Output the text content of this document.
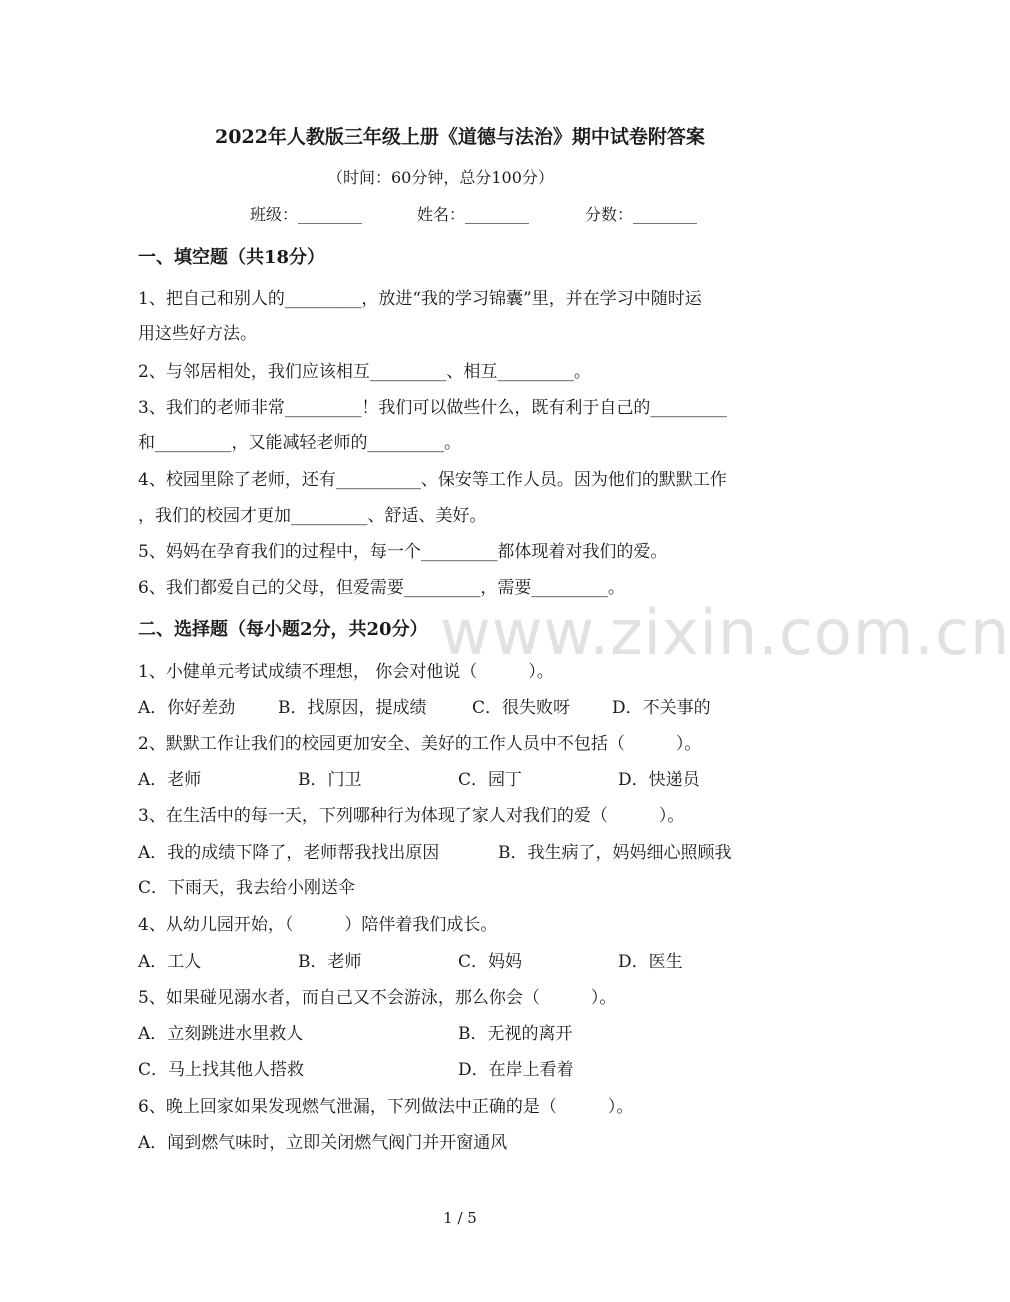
www.zixin.com.cn
2022年人教版三年级上册《道德与法治》期中试卷附答案
（时间：60分钟，总分100分）
班级：________	姓名：________	分数：________
一、填空题（共18分）
1、把自己和别人的_________，放进“我的学习锦囊”里，并在学习中随时运
用这些好方法。
2、与邻居相处，我们应该相互_________、相互_________。
3、我们的老师非常_________！我们可以做些什么，既有利于自己的_________
和_________，又能减轻老师的_________。
4、校园里除了老师，还有__________、保安等工作人员。因为他们的默默工作
，我们的校园才更加_________、舒适、美好。
5、妈妈在孕育我们的过程中，每一个_________都体现着对我们的爱。
6、我们都爱自己的父母，但爱需要_________，需要_________。
二、选择题（每小题2分，共20分）
1、小健单元考试成绩不理想， 你会对他说（　　　）。
A．你好差劲	B．找原因，提成绩	C．很失败呀 D．不关事的
2、默默工作让我们的校园更加安全、美好的工作人员中不包括（　　　）。
A．老师	B．门卫	C．园丁	D．快递员
3、在生活中的每一天，下列哪种行为体现了家人对我们的爱（　　　）。
A．我的成绩下降了，老师帮我找出原因	B．我生病了，妈妈细心照顾我
C．下雨天，我去给小刚送伞
4、从幼儿园开始，（　　　）陪伴着我们成长。
A．工人	B．老师	C．妈妈	D．医生
5、如果碰见溺水者，而自己又不会游泳，那么你会（　　　）。
A．立刻跳进水里救人	B．无视的离开
C．马上找其他人搭救	D．在岸上看着
6、晚上回家如果发现燃气泄漏，下列做法中正确的是（　　　）。
A．闻到燃气味时，立即关闭燃气阀门并开窗通风
1 / 5
